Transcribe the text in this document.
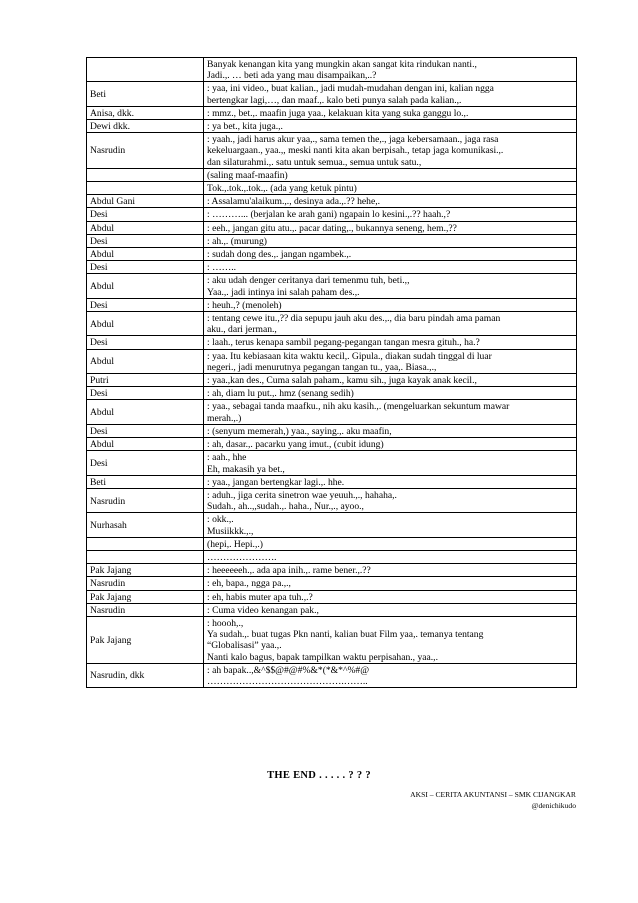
	Banyak kenangan kita yang mungkin akan sangat kita rindukan nanti.,
Jadi.,. … beti ada yang mau disampaikan,..?

Beti	: yaa, ini video., buat kalian., jadi mudah-mudahan dengan ini, kalian ngga
bertengkar lagi,…, dan maaf.,. kalo beti punya salah pada kalian.,.

Anisa, dkk.	: mmz., bet.,. maafin juga yaa., kelakuan kita yang suka ganggu lo.,.

Dewi dkk.	: ya bet., kita juga.,.

Nasrudin	: yaah., jadi harus akur yaa,., sama temen the,., jaga kebersamaan., jaga rasa
kekeluargaan., yaa.,, meski nanti kita akan berpisah., tetap jaga komunikasi.,.
dan silaturahmi.,. satu untuk semua., semua untuk satu.,

	(saling maaf-maafin)

	Tok.,.tok.,.tok.,. (ada yang ketuk pintu)

Abdul Gani	: Assalamu'alaikum.,., desinya ada.,.?? hehe,.

Desi	: ………... (berjalan ke arah gani) ngapain lo kesini.,.?? haah.,?

Abdul	: eeh., jangan gitu atu.,. pacar dating,., bukannya seneng, hem.,??

Desi	: ah.,. (murung)

Abdul	: sudah dong des.,. jangan ngambek.,.

Desi	: ……..

Abdul	: aku udah denger ceritanya dari temenmu tuh, beti.,,
Yaa.,. jadi intinya ini salah paham des.,.

Desi	: heuh.,? (menoleh)

Abdul	: tentang cewe itu.,?? dia sepupu jauh aku des.,., dia baru pindah ama paman
aku., dari jerman.,

Desi	: laah., terus kenapa sambil pegang-pegangan tangan mesra gituh., ha.?

Abdul	: yaa. Itu kebiasaan kita waktu kecil,. Gipula., diakan sudah tinggal di luar
negeri., jadi menurutnya pegangan tangan tu., yaa,. Biasa.,.,

Putri	: yaa.,kan des., Cuma salah paham., kamu sih., juga kayak anak kecil.,

Desi	: ah, diam lu put.,. hmz (senang sedih)

Abdul	: yaa., sebagai tanda maafku., nih aku kasih.,. (mengeluarkan sekuntum mawar
merah.,.)

Desi	: (senyum memerah,) yaa., saying.,. aku maafin,

Abdul	: ah, dasar.,. pacarku yang imut., (cubit idung)

Desi	: aah., hhe
Eh, makasih ya bet.,

Beti	: yaa., jangan bertengkar lagi.,. hhe.

Nasrudin	: aduh., jiga cerita sinetron wae yeuuh.,., hahaha,.
Sudah., ah..,,sudah.,. haha., Nur.,., ayoo.,

Nurhasah	: okk.,.
Musiikkk.,.,

	(hepi,. Hepi.,.)

	………………….

Pak Jajang	: heeeeeeh.,. ada apa inih.,. rame bener.,.??

Nasrudin	: eh, bapa., ngga pa.,.,

Pak Jajang	: eh, habis muter apa tuh.,.?

Nasrudin	: Cuma video kenangan pak.,

Pak Jajang	: hoooh,.,
Ya sudah.,. buat tugas Pkn nanti, kalian buat Film yaa,. temanya tentang
“Globalisasi” yaa.,.
Nanti kalo bagus, bapak tampilkan waktu perpisahan., yaa.,.

Nasrudin, dkk	: ah bapak..,&^$$@#@#%&*(*&*^%#@
…………………………………….……..
THE END . . . . . ? ? ?
AKSI – CERITA AKUNTANSI – SMK CIJANGKAR
@denichikudo
